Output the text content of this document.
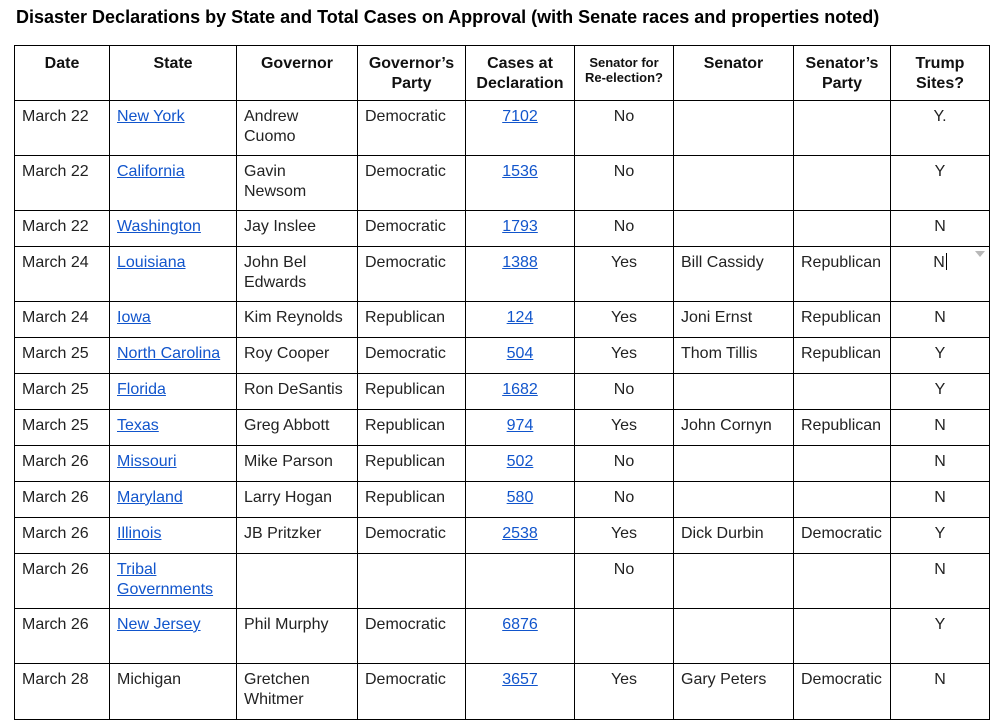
Disaster Declarations by State and Total Cases on Approval (with Senate races and properties noted)
Date	State	Governor	Governor’s Party	Cases at Declaration	Senator for Re-election?	Senator	Senator’s Party	Trump Sites?
March 22	New York	Andrew Cuomo	Democratic	7102	No			Y.
March 22	California	Gavin Newsom	Democratic	1536	No			Y
March 22	Washington	Jay Inslee	Democratic	1793	No			N
March 24	Louisiana	John Bel Edwards	Democratic	1388	Yes	Bill Cassidy	Republican	N

March 24	Iowa	Kim Reynolds	Republican	124	Yes	Joni Ernst	Republican	N
March 25	North Carolina	Roy Cooper	Democratic	504	Yes	Thom Tillis	Republican	Y
March 25	Florida	Ron DeSantis	Republican	1682	No			Y
March 25	Texas	Greg Abbott	Republican	974	Yes	John Cornyn	Republican	N
March 26	Missouri	Mike Parson	Republican	502	No			N
March 26	Maryland	Larry Hogan	Republican	580	No			N
March 26	Illinois	JB Pritzker	Democratic	2538	Yes	Dick Durbin	Democratic	Y
March 26	Tribal Governments				No			N
March 26	New Jersey	Phil Murphy	Democratic	6876				Y
March 28	Michigan	Gretchen Whitmer	Democratic	3657	Yes	Gary Peters	Democratic	N
